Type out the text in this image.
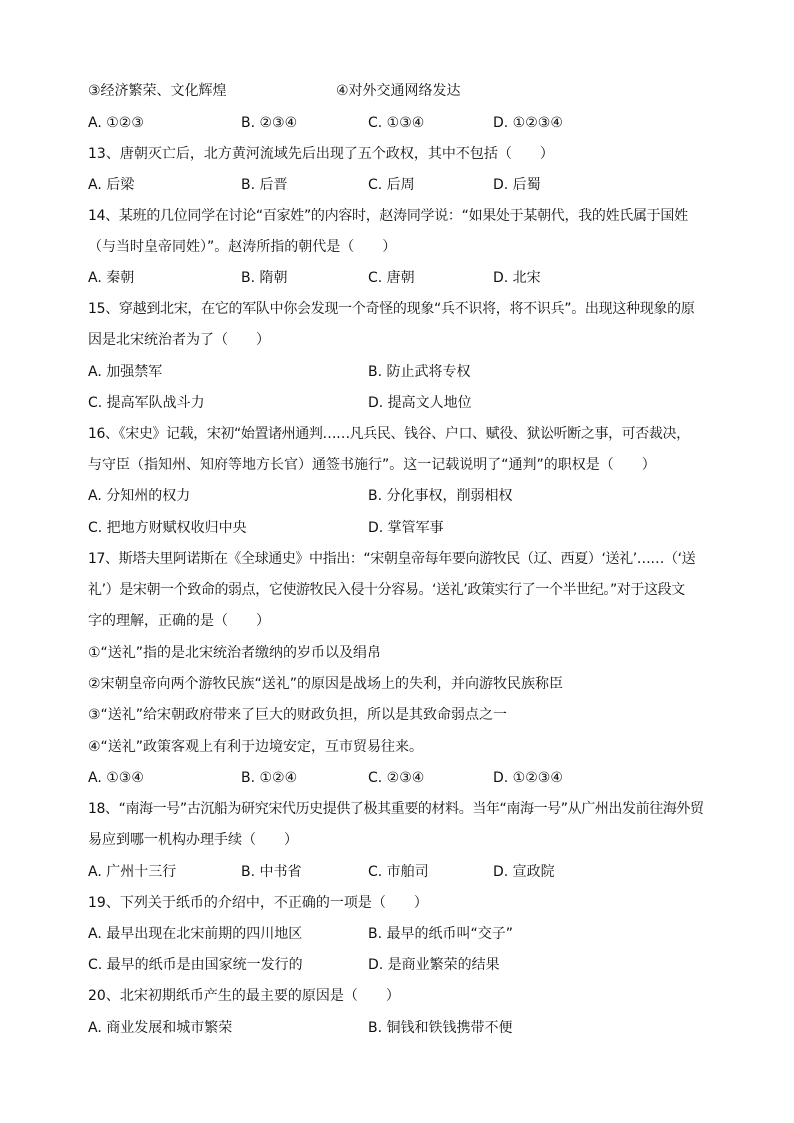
③经济繁荣、文化辉煌	④对外交通网络发达
A. ①②③	B. ②③④	C. ①③④	D. ①②③④
13、唐朝灭亡后，北方黄河流域先后出现了五个政权，其中不包括（　　）
A. 后梁	B. 后晋	C. 后周	D. 后蜀
14、某班的几位同学在讨论“百家姓”的内容时，赵涛同学说：“如果处于某朝代，我的姓氏属于国姓
（与当时皇帝同姓）”。赵涛所指的朝代是（　　）
A. 秦朝	B. 隋朝	C. 唐朝	D. 北宋
15、穿越到北宋，在它的军队中你会发现一个奇怪的现象“兵不识将，将不识兵”。出现这种现象的原
因是北宋统治者为了（　　）
A. 加强禁军	B. 防止武将专权
C. 提高军队战斗力	D. 提高文人地位
16、《宋史》记载，宋初“始置诸州通判……凡兵民、钱谷、户口、赋役、狱讼听断之事，可否裁决，
与守臣（指知州、知府等地方长官）通签书施行”。这一记载说明了“通判”的职权是（　　）
A. 分知州的权力	B. 分化事权，削弱相权
C. 把地方财赋权收归中央	D. 掌管军事
17、斯塔夫里阿诺斯在《全球通史》中指出：“宋朝皇帝每年要向游牧民（辽、西夏）‘送礼’……（‘送
礼’）是宋朝一个致命的弱点，它使游牧民入侵十分容易。‘送礼’政策实行了一个半世纪。”对于这段文
字的理解，正确的是（　　）
①“送礼”指的是北宋统治者缴纳的岁币以及绢帛
②宋朝皇帝向两个游牧民族“送礼”的原因是战场上的失利，并向游牧民族称臣
③“送礼”给宋朝政府带来了巨大的财政负担，所以是其致命弱点之一
④“送礼”政策客观上有利于边境安定，互市贸易往来。
A. ①③④	B. ①②④	C. ②③④	D. ①②③④
18、“南海一号”古沉船为研究宋代历史提供了极其重要的材料。当年“南海一号”从广州出发前往海外贸
易应到哪一机构办理手续（　　）
A. 广州十三行	B. 中书省	C. 市舶司	D. 宣政院
19、下列关于纸币的介绍中，不正确的一项是（　　）
A. 最早出现在北宋前期的四川地区	B. 最早的纸币叫“交子”
C. 最早的纸币是由国家统一发行的	D. 是商业繁荣的结果
20、北宋初期纸币产生的最主要的原因是（　　）
A. 商业发展和城市繁荣	B. 铜钱和铁钱携带不便
